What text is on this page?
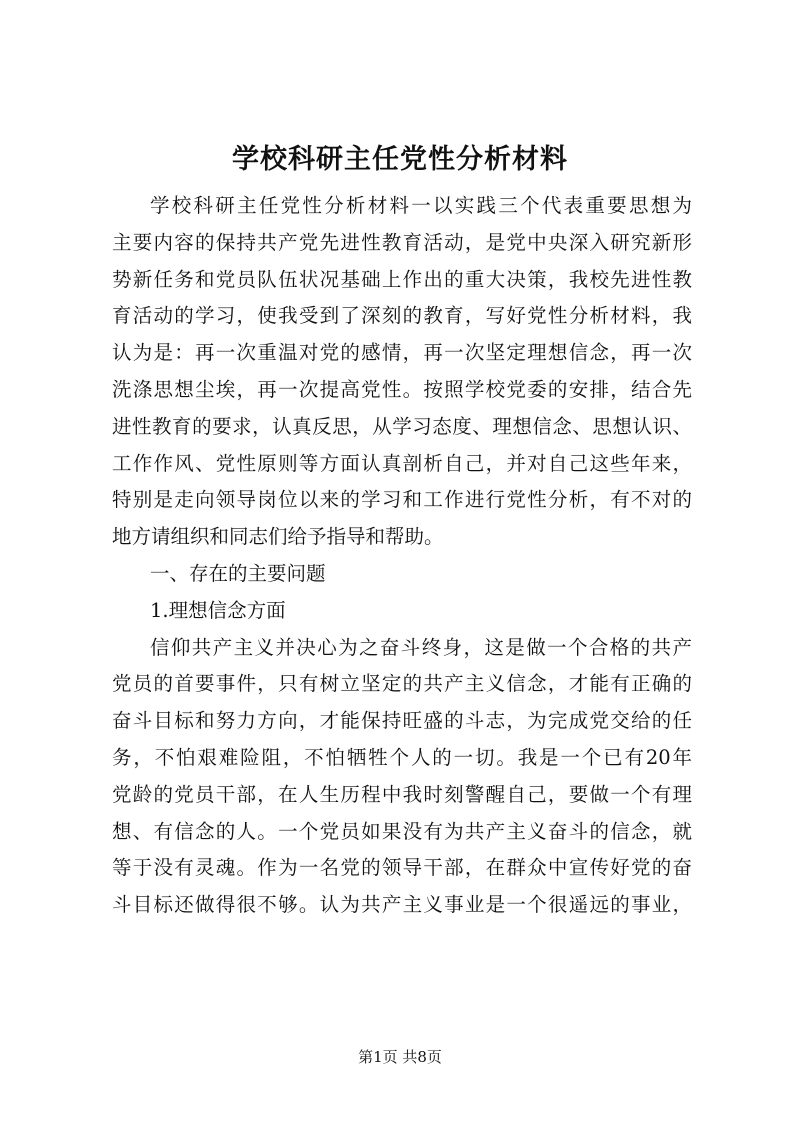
学校科研主任党性分析材料
学校科研主任党性分析材料一以实践三个代表重要思想为
主要内容的保持共产党先进性教育活动，是党中央深入研究新形
势新任务和党员队伍状况基础上作出的重大决策，我校先进性教
育活动的学习，使我受到了深刻的教育，写好党性分析材料，我
认为是：再一次重温对党的感情，再一次坚定理想信念，再一次
洗涤思想尘埃，再一次提高党性。按照学校党委的安排，结合先
进性教育的要求，认真反思，从学习态度、理想信念、思想认识、
工作作风、党性原则等方面认真剖析自己，并对自己这些年来，
特别是走向领导岗位以来的学习和工作进行党性分析，有不对的
地方请组织和同志们给予指导和帮助。
一、存在的主要问题
1.理想信念方面
信仰共产主义并决心为之奋斗终身，这是做一个合格的共产
党员的首要事件，只有树立坚定的共产主义信念，才能有正确的
奋斗目标和努力方向，才能保持旺盛的斗志，为完成党交给的任
务，不怕艰难险阻，不怕牺牲个人的一切。我是一个已有20年
党龄的党员干部，在人生历程中我时刻警醒自己，要做一个有理
想、有信念的人。一个党员如果没有为共产主义奋斗的信念，就
等于没有灵魂。作为一名党的领导干部，在群众中宣传好党的奋
斗目标还做得很不够。认为共产主义事业是一个很遥远的事业，
第1页 共8页
